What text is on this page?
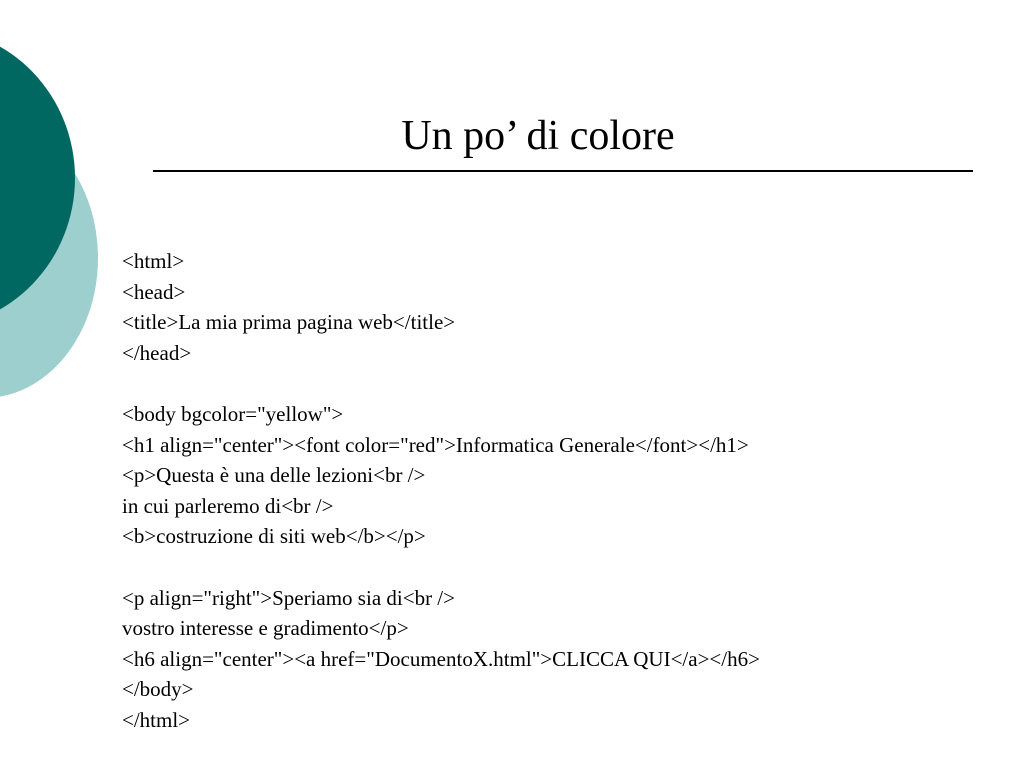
Un po’ di colore
<html>
<head>
<title>La mia prima pagina web</title>
</head>
<body bgcolor="yellow">
<h1 align="center"><font color="red">Informatica Generale</font></h1>
<p>Questa è una delle lezioni<br />
in cui parleremo di<br />
<b>costruzione di siti web</b></p>
<p align="right">Speriamo sia di<br />
vostro interesse e gradimento</p>
<h6 align="center"><a href="DocumentoX.html">CLICCA QUI</a></h6>
</body>
</html>
